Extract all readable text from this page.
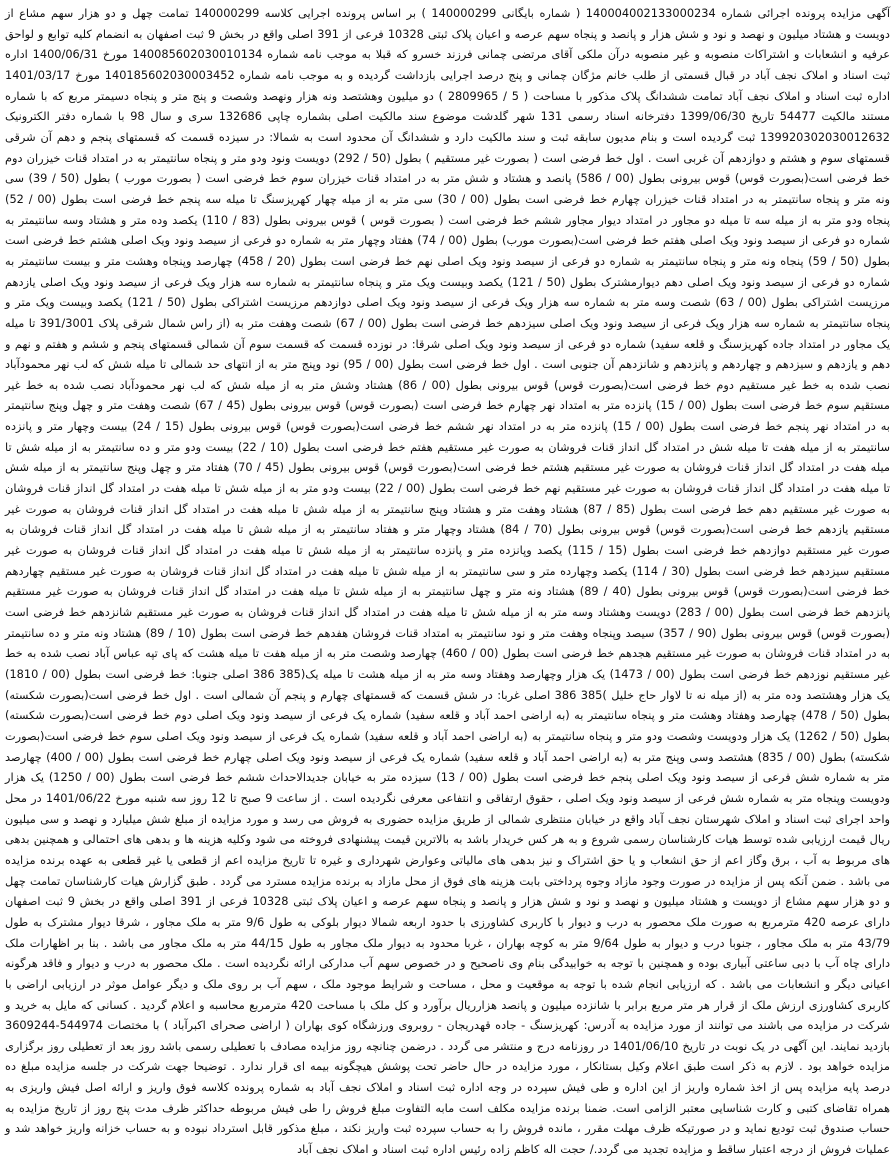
آگهی مزایده پرونده اجرائی شماره 140004002133000234 ( شماره بایگانی 140000299 ) بر اساس پرونده اجرایی کلاسه 140000299 تمامت چهل و دو هزار سهم مشاع از دویست و هشتاد میلیون و نهصد و نود و شش هزار و پانصد و پنجاه سهم عرصه و اعیان پلاک ثبتی 10328 فرعی از 391 اصلی واقع در بخش 9 ثبت اصفهان به انضمام کلیه توابع و لواحق عرفیه و انشعابات و اشتراکات منصوبه و غیر منصوبه درآن ملکی آقای مرتضی چمانی فرزند خسرو که قبلا به موجب نامه شماره 140085602030010134 مورخ 1400/06/31 اداره ثبت اسناد و املاک نجف آباد در قبال قسمتی از طلب خانم مژگان چمانی و پنج درصد اجرایی بازداشت گردیده و به موجب نامه شماره 140185602030003452 مورخ 1401/03/17 اداره ثبت اسناد و املاک نجف آباد تمامت ششدانگ پلاک مذکور با مساحت ( 5 / 2809965 ) دو میلیون وهشتصد ونه هزار ونهصد وشصت و پنج متر و پنجاه دسیمتر مربع که با شماره مستند مالکیت 54477 تاریخ 1399/06/30 دفترخانه اسناد رسمی 131 شهر گلدشت موضوع سند مالکیت اصلی بشماره چاپی 132686 سری و سال 98 با شماره دفتر الکترونیک 139920302030012632 ثبت گردیده است و بنام مدیون سابقه ثبت و سند مالکیت دارد و ششدانگ آن محدود است به شمالا: در سیزده قسمت که قسمتهای پنجم و دهم آن شرقی قسمتهای سوم و هشتم و دوازدهم آن غربی است . اول خط فرضی است ( بصورت غیر مستقیم ) بطول (50 / 292) دویست ونود ودو متر و پنجاه سانتیمتر به در امتداد قنات خیزران دوم خط فرضی است(بصورت قوس) قوس بیرونی بطول (00 / 586) پانصد و هشتاد و شش متر به در امتداد قنات خیزران سوم خط فرضی است ( بصورت مورب ) بطول (50 / 39) سی ونه متر و پنجاه سانتیمتر به در امتداد قنات خیزران چهارم خط فرضی است بطول (00 / 30) سی متر به از میله چهار کهریزسنگ تا میله سه پنجم خط فرضی است بطول (00 / 52) پنجاه ودو متر به از میله سه تا میله دو مجاور در امتداد دیوار مجاور ششم خط فرضی است ( بصورت قوس ) قوس بیرونی بطول (83 / 110) یکصد وده متر و هشتاد وسه سانتیمتر به شماره دو فرعی از سیصد ونود ویک اصلی هفتم خط فرضی است(بصورت مورب) بطول (00 / 74) هفتاد وچهار متر به شماره دو فرعی از سیصد ونود ویک اصلی هشتم خط فرضی است بطول (50 / 59) پنجاه ونه متر و پنجاه سانتیمتر به شماره دو فرعی از سیصد ونود ویک اصلی نهم خط فرضی است بطول (20 / 458) چهارصد وپنجاه وهشت متر و بیست سانتیمتر به شماره دو فرعی از سیصد ونود ویک اصلی دهم دیوارمشترک بطول (50 / 121) یکصد وبیست ویک متر و پنجاه سانتیمتر به شماره سه هزار ویک فرعی از سیصد ونود ویک اصلی یازدهم مرزیست اشتراکی بطول (00 / 63) شصت وسه متر به شماره سه هزار ویک فرعی از سیصد ونود ویک اصلی دوازدهم مرزیست اشتراکی بطول (50 / 121) یکصد وبیست ویک متر و پنجاه سانتیمتر به شماره سه هزار ویک فرعی از سیصد ونود ویک اصلی سیزدهم خط فرضی است بطول (00 / 67) شصت وهفت متر به (از راس شمال شرقی پلاک 391/3001 تا میله یک مجاور در امتداد جاده کهریزسنگ و قلعه سفید) شماره دو فرعی از سیصد ونود ویک اصلی شرقا: در نوزده قسمت که قسمت سوم آن شمالی قسمتهای پنجم و ششم و هفتم و نهم و دهم و یازدهم و سیزدهم و چهاردهم و پانزدهم و شانزدهم آن جنوبی است . اول خط فرضی است بطول (00 / 95) نود وپنج متر به از انتهای حد شمالی تا میله شش که لب نهر محمودآباد نصب شده به خط غیر مستقیم دوم خط فرضی است(بصورت قوس) قوس بیرونی بطول (00 / 86) هشتاد وشش متر به از میله شش که لب نهر محمودآباد نصب شده به خط غیر مستقیم سوم خط فرضی است بطول (00 / 15) پانزده متر به امتداد نهر چهارم خط فرضی است (بصورت قوس) قوس بیرونی بطول (45 / 67) شصت وهفت متر و چهل وپنج سانتیمتر به در امتداد نهر پنجم خط فرضی است بطول (00 / 15) پانزده متر به در امتداد نهر ششم خط فرضی است(بصورت قوس) قوس بیرونی بطول (15 / 24) بیست وچهار متر و پانزده سانتیمتر به از میله هفت تا میله شش در امتداد گل انداز قنات فروشان به صورت غیر مستقیم هفتم خط فرضی است بطول (10 / 22) بیست ودو متر و ده سانتیمتر به از میله شش تا میله هفت در امتداد گل انداز قنات فروشان به صورت غیر مستقیم هشتم خط فرضی است(بصورت قوس) قوس بیرونی بطول (45 / 70) هفتاد متر و چهل وپنج سانتیمتر به از میله شش تا میله هفت در امتداد گل انداز قنات فروشان به صورت غیر مستقیم نهم خط فرضی است بطول (00 / 22) بیست ودو متر به از میله شش تا میله هفت در امتداد گل انداز قنات فروشان به صورت غیر مستقیم دهم خط فرضی است بطول (85 / 87) هشتاد وهفت متر و هشتاد وپنج سانتیمتر به از میله شش تا میله هفت در امتداد گل انداز قنات فروشان به صورت غیر مستقیم یازدهم خط فرضی است(بصورت قوس) قوس بیرونی بطول (70 / 84) هشتاد وچهار متر و هفتاد سانتیمتر به از میله شش تا میله هفت در امتداد گل انداز قنات فروشان به صورت غیر مستقیم دوازدهم خط فرضی است بطول (15 / 115) یکصد وپانزده متر و پانزده سانتیمتر به از میله شش تا میله هفت در امتداد گل انداز قنات فروشان به صورت غیر مستقیم سیزدهم خط فرضی است بطول (30 / 114) یکصد وچهارده متر و سی سانتیمتر به از میله شش تا میله هفت در امتداد گل انداز قنات فروشان به صورت غیر مستقیم چهاردهم خط فرضی است(بصورت قوس) قوس بیرونی بطول (40 / 89) هشتاد ونه متر و چهل سانتیمتر به از میله شش تا میله هفت در امتداد گل انداز قنات فروشان به صورت غیر مستقیم پانزدهم خط فرضی است بطول (00 / 283) دویست وهشتاد وسه متر به از میله شش تا میله هفت در امتداد گل انداز قنات فروشان به صورت غیر مستقیم شانزدهم خط فرضی است (بصورت قوس) قوس بیرونی بطول (90 / 357) سیصد وپنجاه وهفت متر و نود سانتیمتر به امتداد قنات فروشان هفدهم خط فرضی است بطول (10 / 89) هشتاد ونه متر و ده سانتیمتر به در امتداد قنات فروشان به صورت غیر مستقیم هجدهم خط فرضی است بطول (00 / 460) چهارصد وشصت متر به از میله هفت تا میله هشت که پای تپه عباس آباد نصب شده به خط غیر مستقیم نوزدهم خط فرضی است بطول (00 / 1473) یک هزار وچهارصد وهفتاد وسه متر به از میله هشت تا میله یک(385 386 اصلی جنوبا: خط فرضی است بطول (00 / 1810) یک هزار وهشتصد وده متر به (از میله نه تا لاوار حاج خلیل )385 386 اصلی غربا: در شش قسمت که قسمتهای چهارم و پنجم آن شمالی است . اول خط فرضی است(بصورت شکسته) بطول (50 / 478) چهارصد وهفتاد وهشت متر و پنجاه سانتیمتر به (به اراضی احمد آباد و قلعه سفید) شماره یک فرعی از سیصد ونود ویک اصلی دوم خط فرضی است(بصورت شکسته) بطول (50 / 1262) یک هزار ودویست وشصت ودو متر و پنجاه سانتیمتر به (به اراضی احمد آباد و قلعه سفید) شماره یک فرعی از سیصد ونود ویک اصلی سوم خط فرضی است(بصورت شکسته) بطول (00 / 835) هشتصد وسی وپنج متر به (به اراضی احمد آباد و قلعه سفید) شماره یک فرعی از سیصد ونود ویک اصلی چهارم خط فرضی است بطول (00 / 400) چهارصد متر به شماره شش فرعی از سیصد ونود ویک اصلی پنجم خط فرضی است بطول (00 / 13) سیزده متر به خیابان جدیدالاحداث ششم خط فرضی است بطول (00 / 1250) یک هزار ودویست وپنجاه متر به شماره شش فرعی از سیصد ونود ویک اصلی ، حقوق ارتفاقی و انتفاعی معرفی نگردیده است . از ساعت 9 صبح تا 12 روز سه شنبه مورخ 1401/06/22 در محل واحد اجرای ثبت اسناد و املاک شهرستان نجف آباد واقع در خیابان منتظری شمالی از طریق مزایده حضوری به فروش می رسد و مورد مزایده از مبلغ شش میلیارد و نهصد و سی میلیون ریال قیمت ارزیابی شده توسط هیات کارشناسان رسمی شروع و به هر کس خریدار باشد به بالاترین قیمت پیشنهادی فروخته می شود وکلیه هزینه ها و بدهی های احتمالی و همچنین بدهی های مربوط به آب ، برق وگاز اعم از حق انشعاب و یا حق اشتراک و نیز بدهی های مالیاتی وعوارض شهرداری و غیره تا تاریخ مزایده اعم از قطعی یا غیر قطعی به عهده برنده مزایده می باشد . ضمن آنکه پس از مزایده در صورت وجود مازاد وجوه پرداختی بابت هزینه های فوق از محل مازاد به برنده مزایده مسترد می گردد . طبق گزارش هیات کارشناسان تمامت چهل و دو هزار سهم مشاع از دویست و هشتاد میلیون و نهصد و نود و شش هزار و پانصد و پنجاه سهم عرصه و اعیان پلاک ثبتی 10328 فرعی از 391 اصلی واقع در بخش 9 ثبت اصفهان دارای عرصه 420 مترمربع به صورت ملک محصور به درب و دیوار با کاربری کشاورزی با حدود اربعه شمالا دیوار بلوکی به طول 9/6 متر به ملک مجاور ، شرقا دیوار مشترک به طول 43/79 متر به ملک مجاور ، جنوبا درب و دیوار به طول 9/64 متر به کوچه بهاران ، غربا محدود به دیوار ملک مجاور به طول 44/15 متر به ملک مجاور می باشد . بنا بر اظهارات ملک دارای چاه آب با دبی ساعتی آبیاری بوده و همچنین با توجه به خوابیدگی بنام وی ناصحیح و در خصوص سهم آب مدارکی ارائه نگردیده است . ملک محصور به درب و دیوار و فاقد هرگونه اعیانی دیگر و انشعابات می باشد . که ارزیابی انجام شده با توجه به موقعیت و محل ، مساحت و شرایط موجود ملک ، سهم آب بر روی ملک و دیگر عوامل موثر در ارزیابی اراضی با کاربری کشاورزی ارزش ملک از قرار هر متر مربع برابر با شانزده میلیون و پانصد هزارریال برآورد و کل ملک با مساحت 420 مترمربع محاسبه و اعلام گردید . کسانی که مایل به خرید و شرکت در مزایده می باشند می توانند از مورد مزایده به آدرس: کهریزسنگ - جاده قهدریجان - روبروی ورزشگاه کوی بهاران ( اراضی صحرای اکبرآباد ) با مختصات 544974-3609244 بازدید نمایند. این آگهی در یک نوبت در تاریخ 1401/06/10 در روزنامه درج و منتشر می گردد . درضمن چنانچه روز مزایده مصادف با تعطیلی رسمی باشد روز بعد از تعطیلی روز برگزاری مزایده خواهد بود . لازم به ذکر است طبق اعلام وکیل بستانکار ، مورد مزایده در حال حاضر تحت پوشش هیچگونه بیمه ای قرار ندارد . توضیحا جهت شرکت در جلسه مزایده مبلغ ده درصد پایه مزایده پس از اخذ شماره واریز از این اداره و طی فیش سپرده در وجه اداره ثبت اسناد و املاک نجف آباد به شماره پرونده کلاسه فوق واریز و ارائه اصل فیش واریزی به همراه تقاضای کتبی و کارت شناسایی معتبر الزامی است. ضمنا برنده مزایده مکلف است مابه التفاوت مبلغ فروش را طی فیش مربوطه حداکثر ظرف مدت پنج روز از تاریخ مزایده به حساب صندوق ثبت تودیع نماید و در صورتیکه ظرف مهلت مقرر ، مانده فروش را به حساب سپرده ثبت واریز نکند ، مبلغ مذکور قابل استرداد نبوده و به حساب خزانه واریز خواهد شد و عملیات فروش از درجه اعتبار ساقط و مزایده تجدید می گردد./ حجت اله کاظم زاده رئیس اداره ثبت اسناد و املاک نجف آباد
